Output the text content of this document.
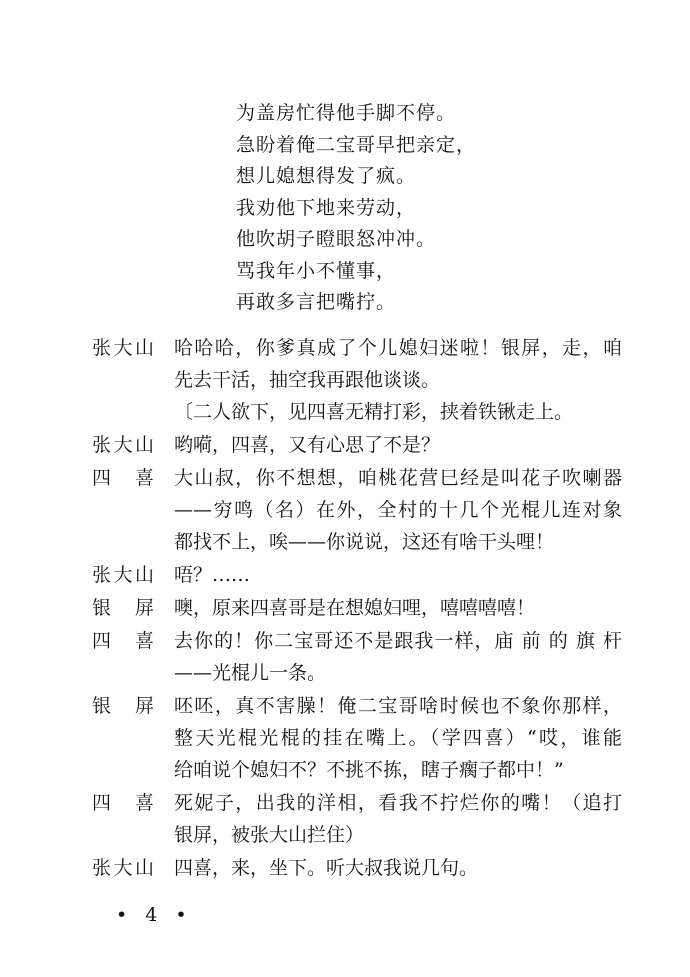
为盖房忙得他手脚不停。
急盼着俺二宝哥早把亲定，
想儿媳想得发了疯。
我劝他下地来劳动，
他吹胡子瞪眼怒冲冲。
骂我年小不懂事，
再敢多言把嘴拧。
张大山 哈哈哈，你爹真成了个儿媳妇迷啦！银屏，走，咱
先去干活，抽空我再跟他谈谈。
〔二人欲下，见四喜无精打彩，挟着铁锹走上。
张大山 哟嗬，四喜，又有心思了不是？
四　喜 大山叔，你不想想，咱桃花营巳经是叫花子吹喇器
——穷鸣（名）在外，全村的十几个光棍儿连对象
都找不上，唉——你说说，这还有啥干头哩！
张大山 唔？……
银　屏 噢，原来四喜哥是在想媳妇哩，嘻嘻嘻嘻！
四　喜 去你的！你二宝哥还不是跟我一样，庙 前 的 旗 杆
——光棍儿一条。
银　屏 呸呸，真不害臊！俺二宝哥啥时候也不象你那样，
整天光棍光棍的挂在嘴上。（学四喜）“哎，谁能
给咱说个媳妇不？不挑不拣，瞎子瘸子都中！”
四　喜 死妮子，出我的洋相，看我不拧烂你的嘴！（追打
银屏，被张大山拦住）
张大山 四喜，来，坐下。听大叔我说几句。
• 4 •
